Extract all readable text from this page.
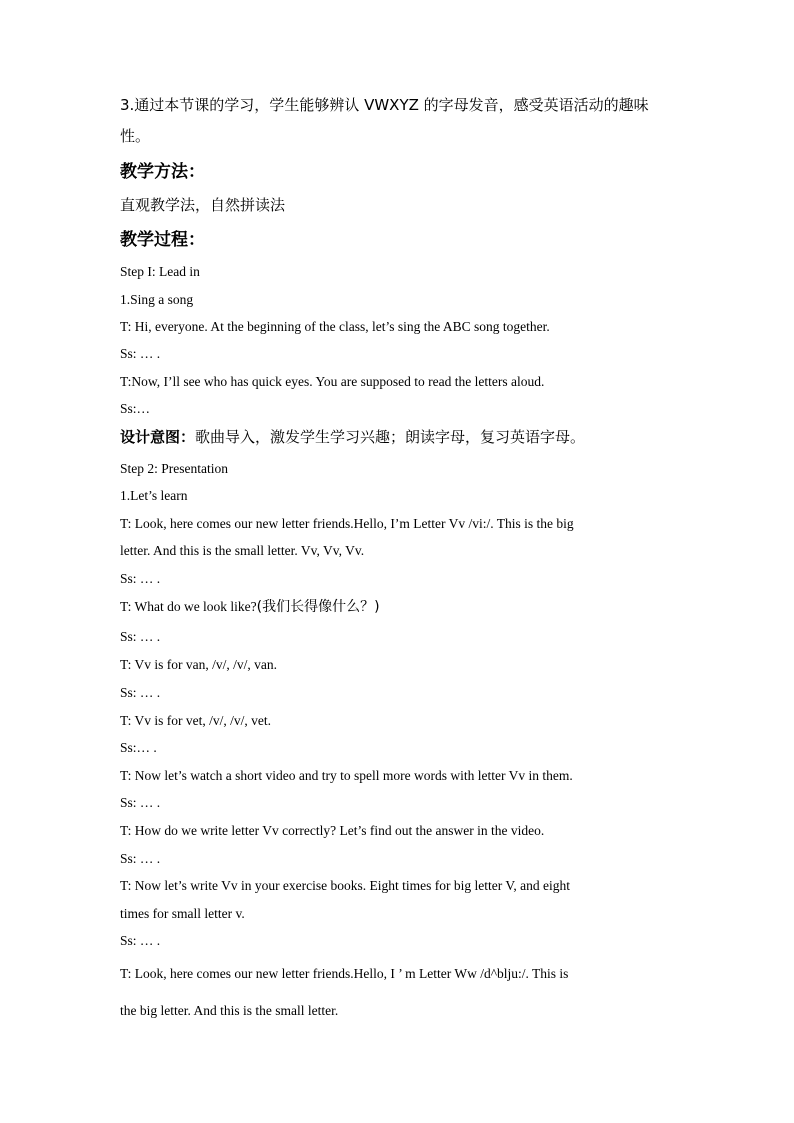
3.通过本节课的学习，学生能够辨认 VWXYZ 的字母发音，感受英语活动的趣味
性。
教学方法：
直观教学法，自然拼读法
教学过程：
Step I: Lead in
1.Sing a song
T: Hi, everyone. At the beginning of the class, let’s sing the ABC song together.
Ss: … .
T:Now, I’ll see who has quick eyes. You are supposed to read the letters aloud.
Ss:…
设计意图：歌曲导入，激发学生学习兴趣；朗读字母，复习英语字母。
Step 2: Presentation
1.Let’s learn
T: Look, here comes our new letter friends.Hello, I’m Letter Vv /vi:/. This is the big
letter. And this is the small letter. Vv, Vv, Vv.
Ss: … .
T: What do we look like?(我们长得像什么？)
Ss: … .
T: Vv is for van, /v/, /v/, van.
Ss: … .
T: Vv is for vet, /v/, /v/, vet.
Ss:… .
T: Now let’s watch a short video and try to spell more words with letter Vv in them.
Ss: … .
T: How do we write letter Vv correctly? Let’s find out the answer in the video.
Ss: … .
T: Now let’s write Vv in your exercise books. Eight times for big letter V, and eight
times for small letter v.
Ss: … .
T: Look, here comes our new letter friends.Hello, I ’ m Letter Ww /d^blju:/. This is
the big letter. And this is the small letter.
